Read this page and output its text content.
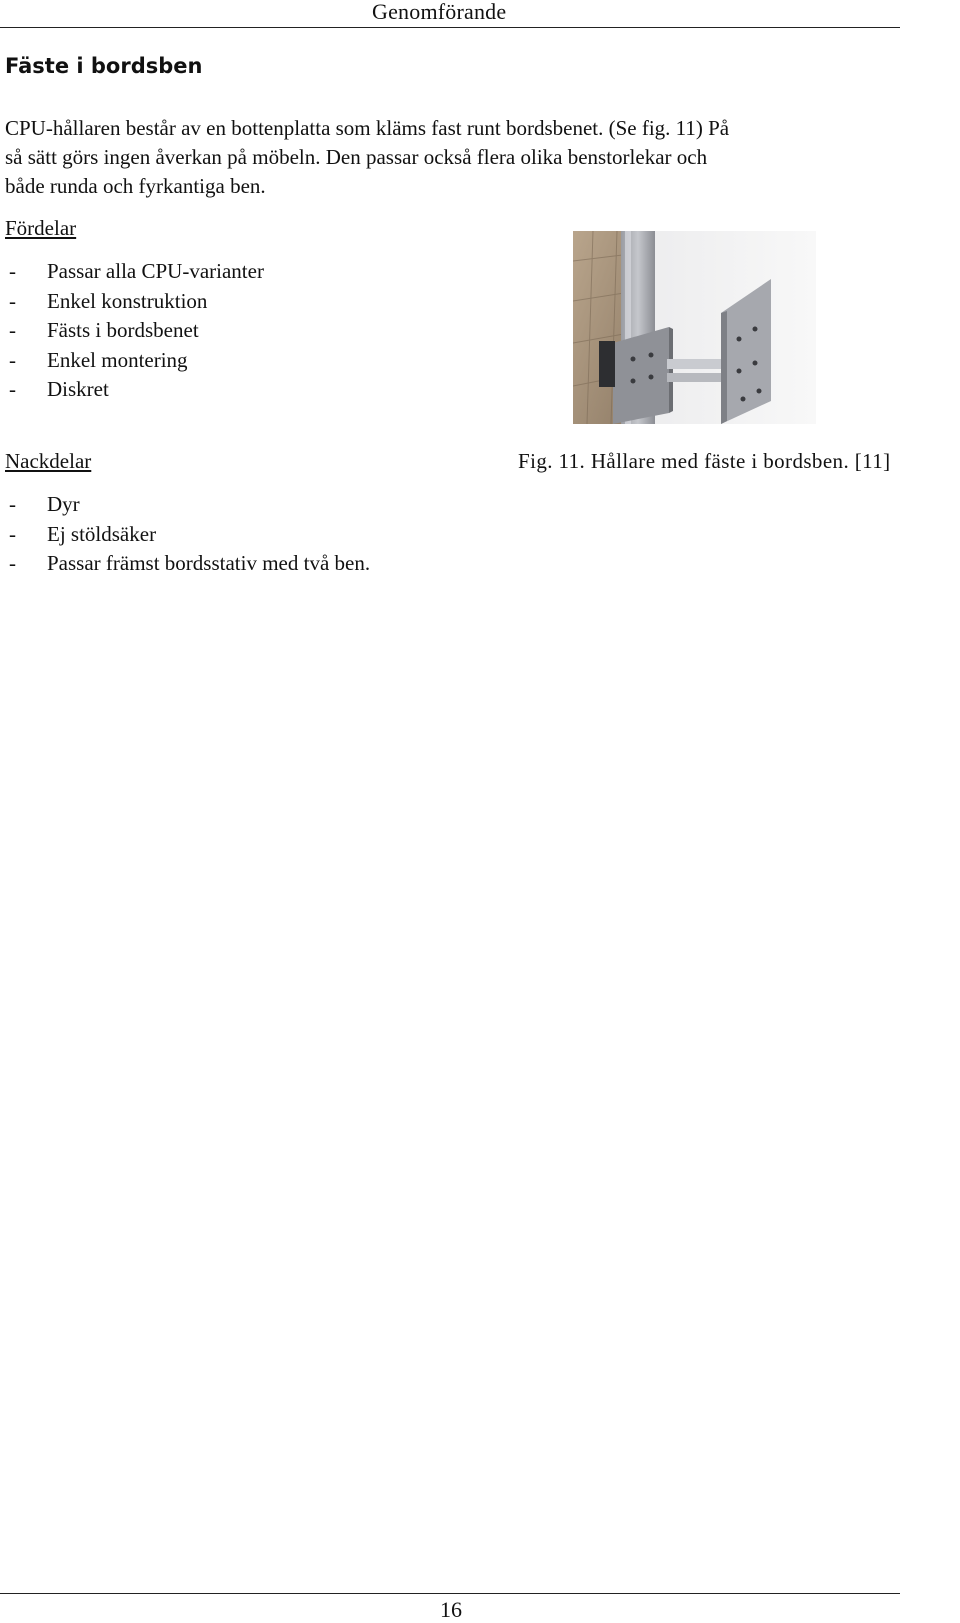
Genomförande
Fäste i bordsben

CPU-hållaren består av en bottenplatta som kläms fast runt bordsbenet. (Se fig. 11) På
så sätt görs ingen åverkan på möbeln. Den passar också flera olika benstorlekar och
både runda och fyrkantiga ben.

Fördelar
- Passar alla CPU-varianter
- Enkel konstruktion
- Fästs i bordsbenet
- Enkel montering
- Diskret
Nackdelar	Fig. 11. Hållare med fäste i bordsben. [11]

- Dyr
- Ej stöldsäker
- Passar främst bordsstativ med två ben.
16
